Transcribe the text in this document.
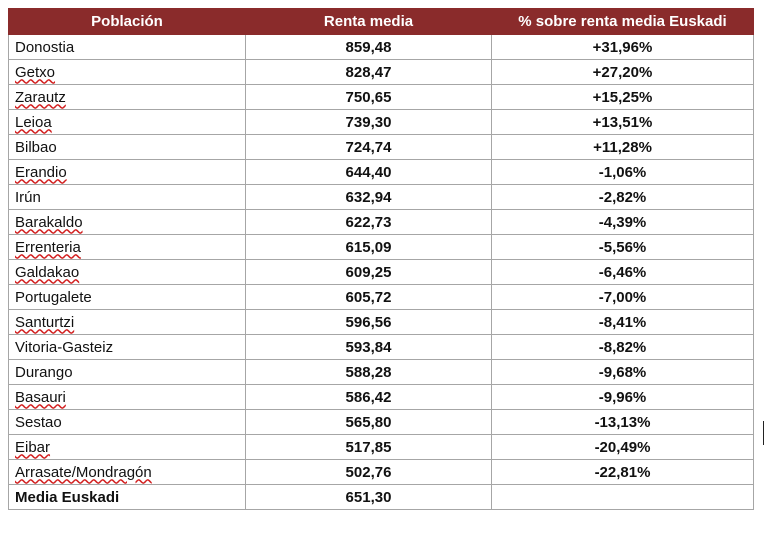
Población	Renta media	% sobre renta media Euskadi
Donostia	859,48	+31,96%
Getxo	828,47	+27,20%
Zarautz	750,65	+15,25%
Leioa	739,30	+13,51%
Bilbao	724,74	+11,28%
Erandio	644,40	-1,06%
Irún	632,94	-2,82%
Barakaldo	622,73	-4,39%
Errenteria	615,09	-5,56%
Galdakao	609,25	-6,46%
Portugalete	605,72	-7,00%
Santurtzi	596,56	-8,41%
Vitoria-Gasteiz	593,84	-8,82%
Durango	588,28	-9,68%
Basauri	586,42	-9,96%
Sestao	565,80	-13,13%
Eibar	517,85	-20,49%
Arrasate/Mondragón	502,76	-22,81%
Media Euskadi	651,30	
